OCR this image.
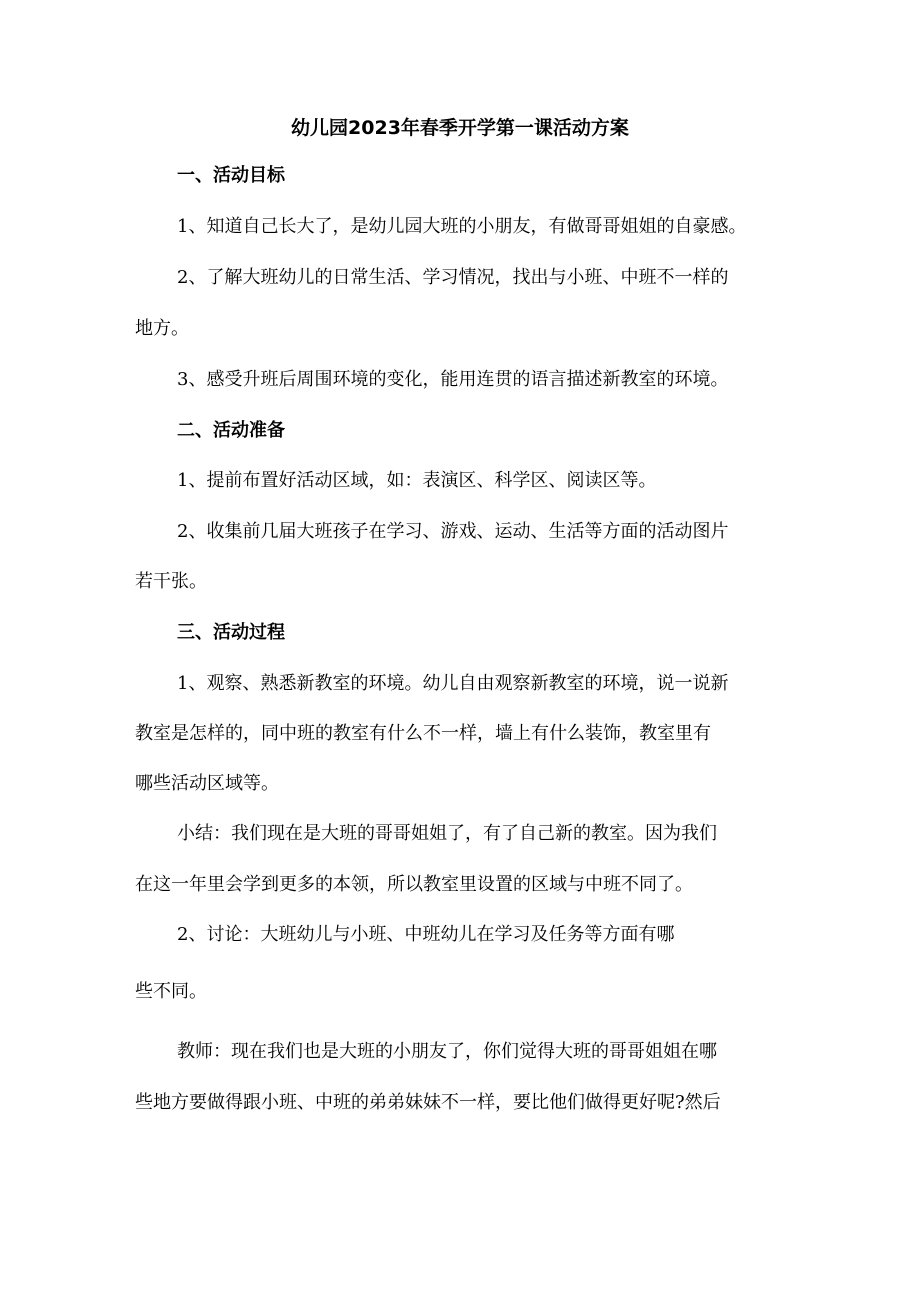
幼儿园2023年春季开学第一课活动方案
一、活动目标
1、知道自己长大了，是幼儿园大班的小朋友，有做哥哥姐姐的自豪感。
2、了解大班幼儿的日常生活、学习情况，找出与小班、中班不一样的
地方。
3、感受升班后周围环境的变化，能用连贯的语言描述新教室的环境。
二、活动准备
1、提前布置好活动区域，如：表演区、科学区、阅读区等。
2、收集前几届大班孩子在学习、游戏、运动、生活等方面的活动图片
若干张。
三、活动过程
1、观察、熟悉新教室的环境。幼儿自由观察新教室的环境，说一说新
教室是怎样的，同中班的教室有什么不一样，墙上有什么装饰，教室里有
哪些活动区域等。
小结：我们现在是大班的哥哥姐姐了，有了自己新的教室。因为我们
在这一年里会学到更多的本领，所以教室里设置的区域与中班不同了。
2、讨论：大班幼儿与小班、中班幼儿在学习及任务等方面有哪
些不同。
教师：现在我们也是大班的小朋友了，你们觉得大班的哥哥姐姐在哪
些地方要做得跟小班、中班的弟弟妹妹不一样，要比他们做得更好呢?然后
